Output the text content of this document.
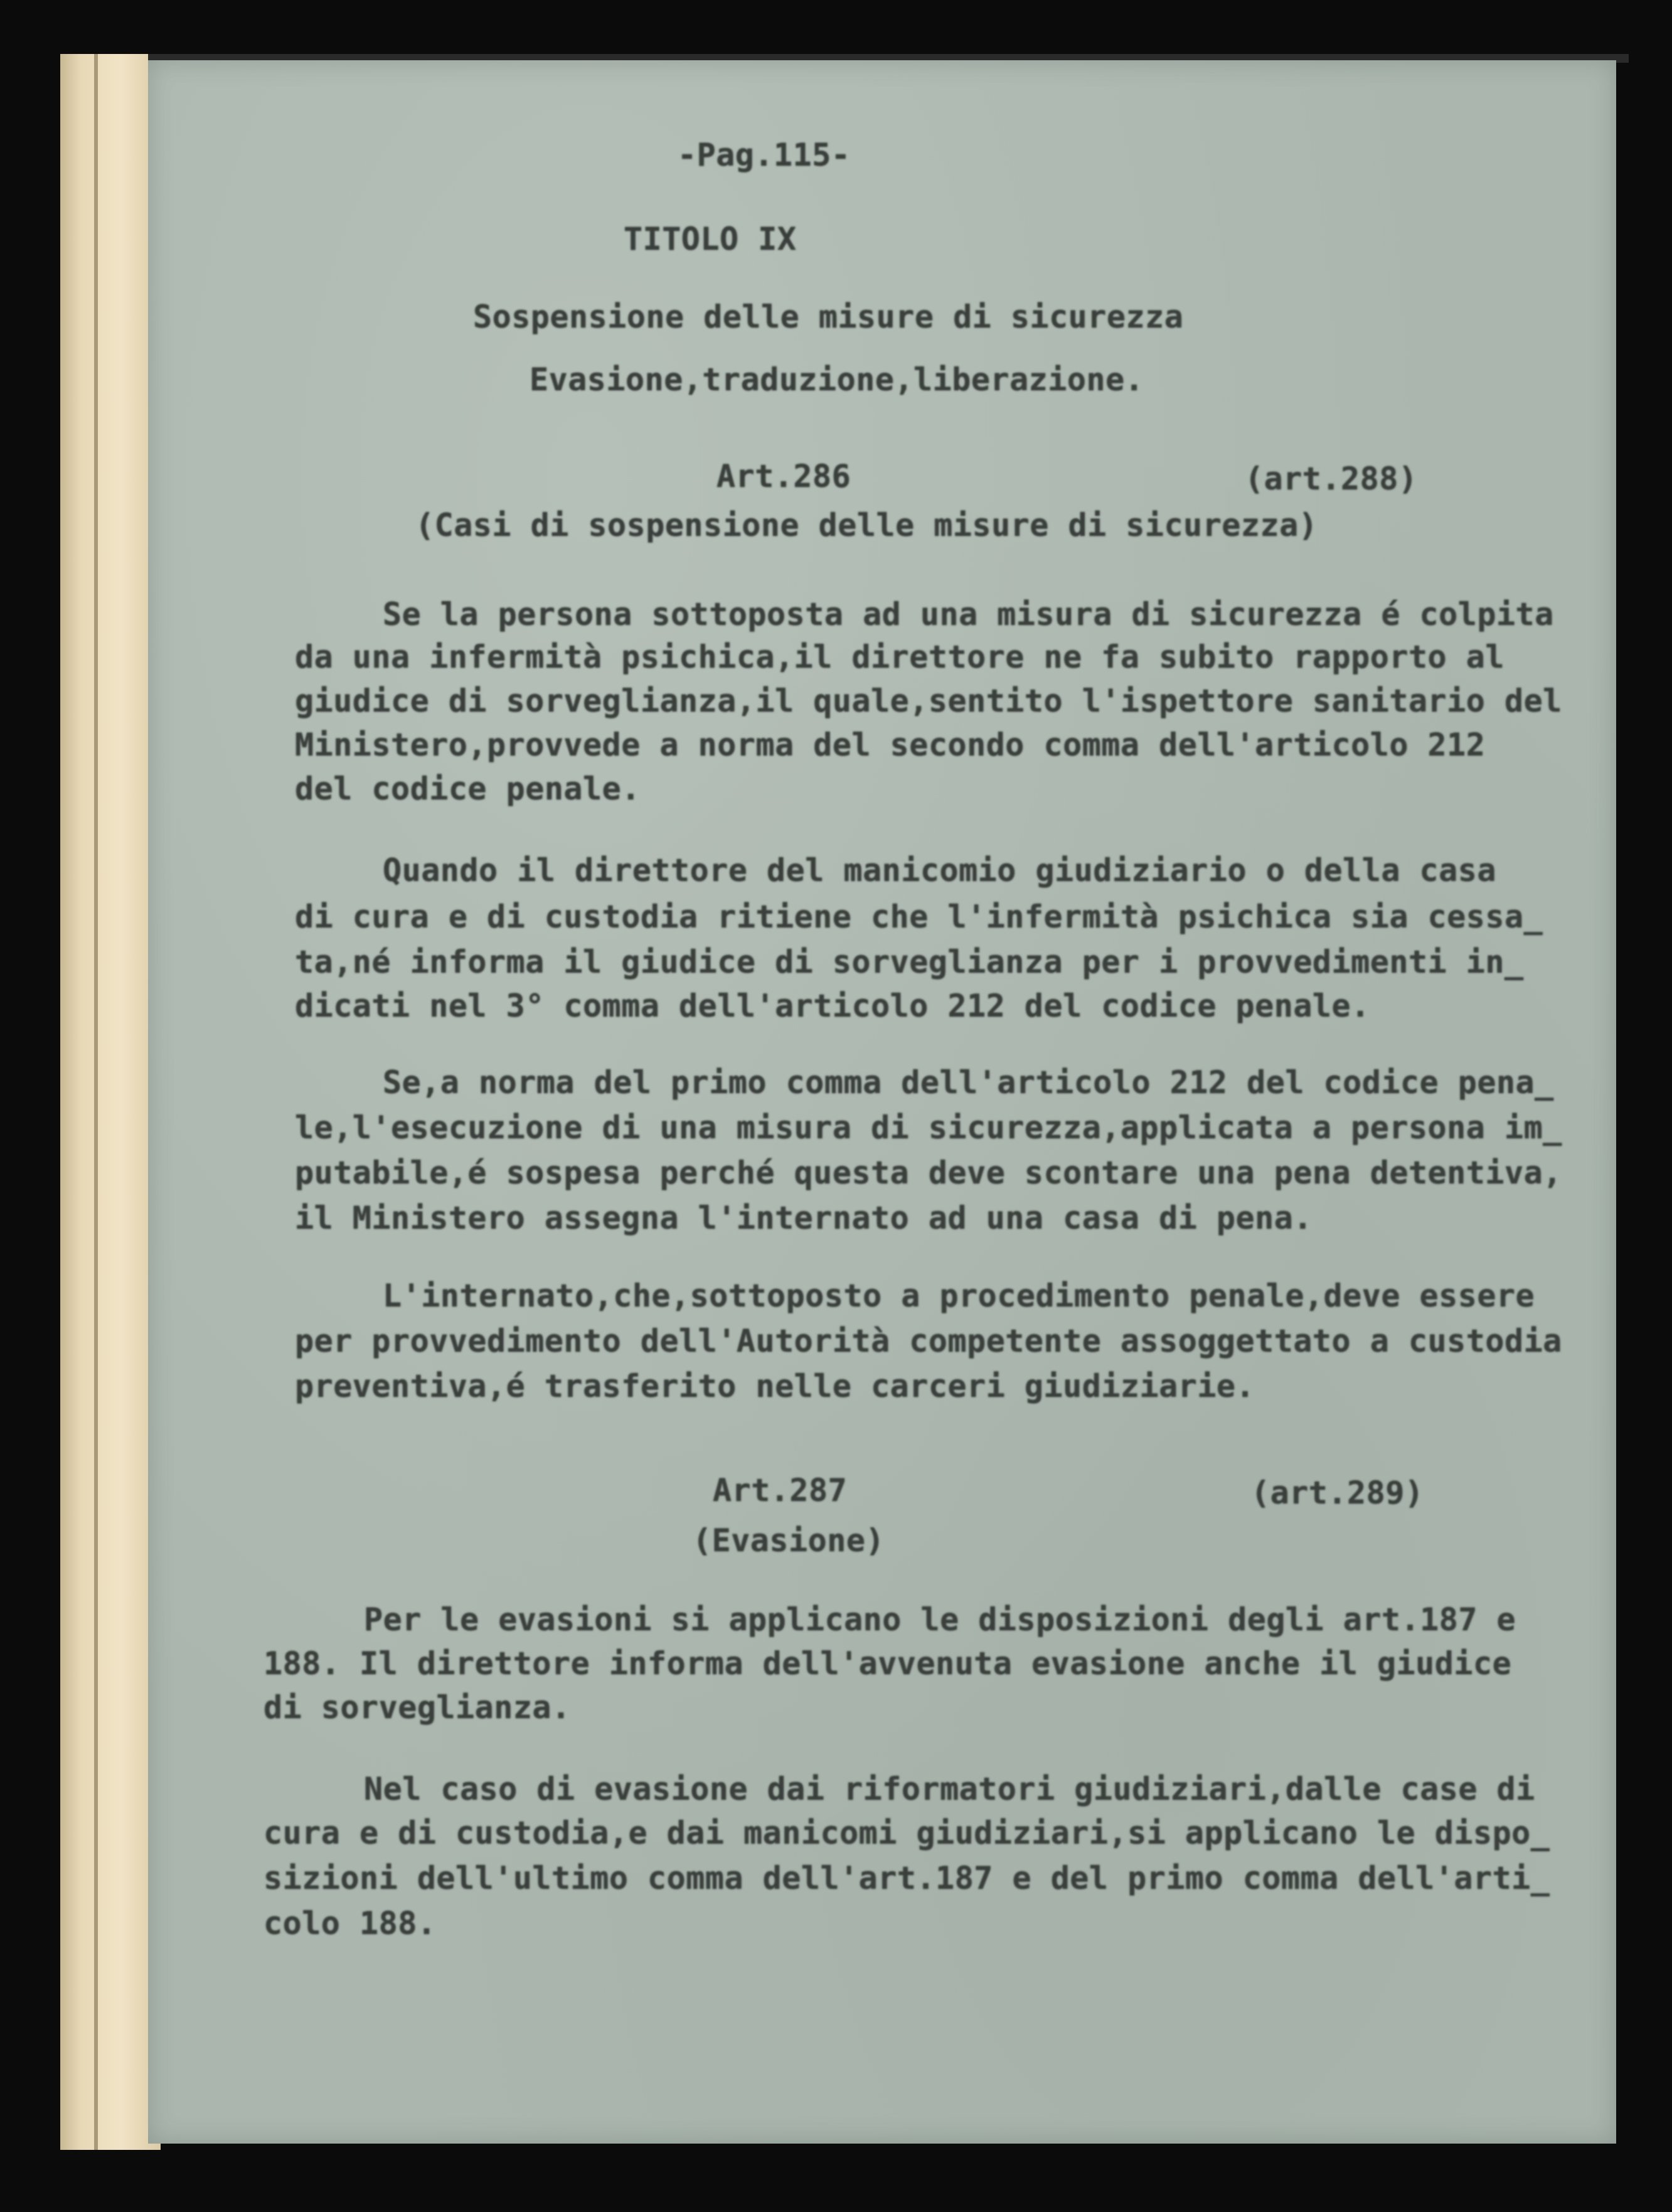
-Pag.115-
TITOLO IX
Sospensione delle misure di sicurezza
Evasione,traduzione,liberazione.
Art.286	(art.288)
(Casi di sospensione delle misure di sicurezza)
Se la persona sottoposta ad una misura di sicurezza é colpita
da una infermità psichica,il direttore ne fa subito rapporto al
giudice di sorveglianza,il quale,sentito l'ispettore sanitario del
Ministero,provvede a norma del secondo comma dell'articolo 212
del codice penale.
Quando il direttore del manicomio giudiziario o della casa
di cura e di custodia ritiene che l'infermità psichica sia cessa_
ta,né informa il giudice di sorveglianza per i provvedimenti in_
dicati nel 3° comma dell'articolo 212 del codice penale.
Se,a norma del primo comma dell'articolo 212 del codice pena_
le,l'esecuzione di una misura di sicurezza,applicata a persona im_
putabile,é sospesa perché questa deve scontare una pena detentiva,
il Ministero assegna l'internato ad una casa di pena.
L'internato,che,sottoposto a procedimento penale,deve essere
per provvedimento dell'Autorità competente assoggettato a custodia
preventiva,é trasferito nelle carceri giudiziarie.
Art.287	(art.289)
(Evasione)
Per le evasioni si applicano le disposizioni degli art.187 e
188. Il direttore informa dell'avvenuta evasione anche il giudice
di sorveglianza.
Nel caso di evasione dai riformatori giudiziari,dalle case di
cura e di custodia,e dai manicomi giudiziari,si applicano le dispo_
sizioni dell'ultimo comma dell'art.187 e del primo comma dell'arti_
colo 188.
